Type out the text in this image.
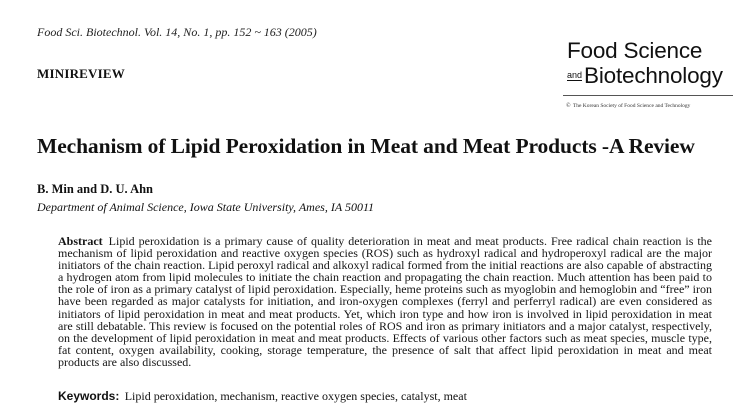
Food Sci. Biotechnol. Vol. 14, No. 1, pp. 152 ~ 163 (2005)
MINIREVIEW
Food Science
andBiotechnology
© The Korean Society of Food Science and Technology
Mechanism of Lipid Peroxidation in Meat and Meat Products -A Review
B. Min and D. U. Ahn
Department of Animal Science, Iowa State University, Ames, IA 50011
Abstract Lipid peroxidation is a primary cause of quality deterioration in meat and meat products. Free radical chain reaction is the mechanism of lipid peroxidation and reactive oxygen species (ROS) such as hydroxyl radical and hydroperoxyl radical are the major initiators of the chain reaction. Lipid peroxyl radical and alkoxyl radical formed from the initial reactions are also capable of abstracting a hydrogen atom from lipid molecules to initiate the chain reaction and propagating the chain reaction. Much attention has been paid to the role of iron as a primary catalyst of lipid peroxidation. Especially, heme proteins such as myoglobin and hemoglobin and “free” iron have been regarded as major catalysts for initiation, and iron-oxygen complexes (ferryl and perferryl radical) are even considered as initiators of lipid peroxidation in meat and meat products. Yet, which iron type and how iron is involved in lipid peroxidation in meat are still debatable. This review is focused on the potential roles of ROS and iron as primary initiators and a major catalyst, respectively, on the development of lipid peroxidation in meat and meat products. Effects of various other factors such as meat species, muscle type, fat content, oxygen availability, cooking, storage temperature, the presence of salt that affect lipid peroxidation in meat and meat products are also discussed.
Keywords: Lipid peroxidation, mechanism, reactive oxygen species, catalyst, meat
